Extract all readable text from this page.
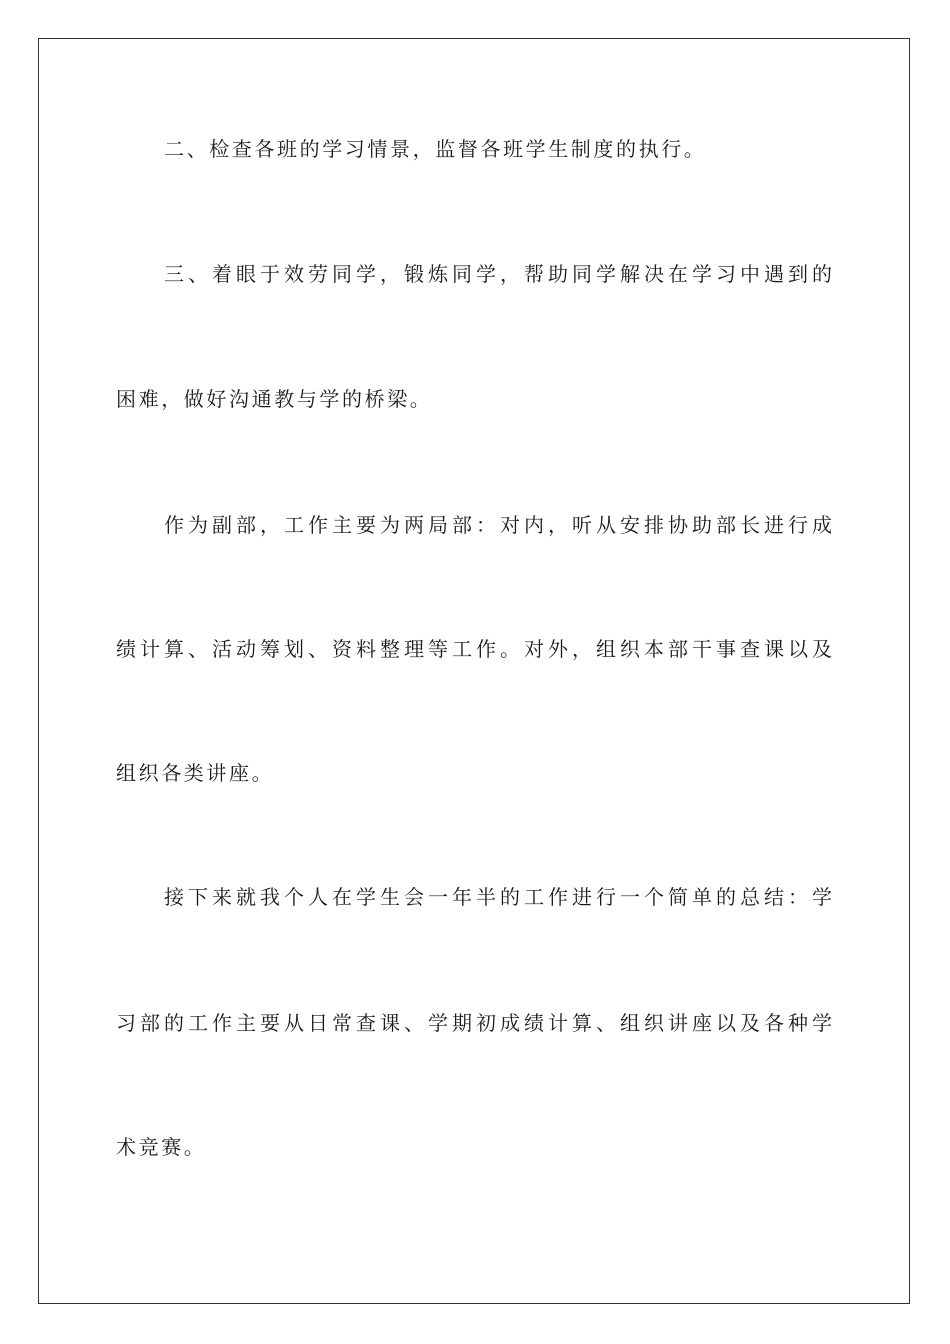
二、检查各班的学习情景，监督各班学生制度的执行。
三、着眼于效劳同学，锻炼同学，帮助同学解决在学习中遇到的
困难，做好沟通教与学的桥梁。
作为副部，工作主要为两局部：对内，听从安排协助部长进行成
绩计算、活动筹划、资料整理等工作。对外，组织本部干事查课以及
组织各类讲座。
接下来就我个人在学生会一年半的工作进行一个简单的总结：学
习部的工作主要从日常查课、学期初成绩计算、组织讲座以及各种学
术竞赛。
